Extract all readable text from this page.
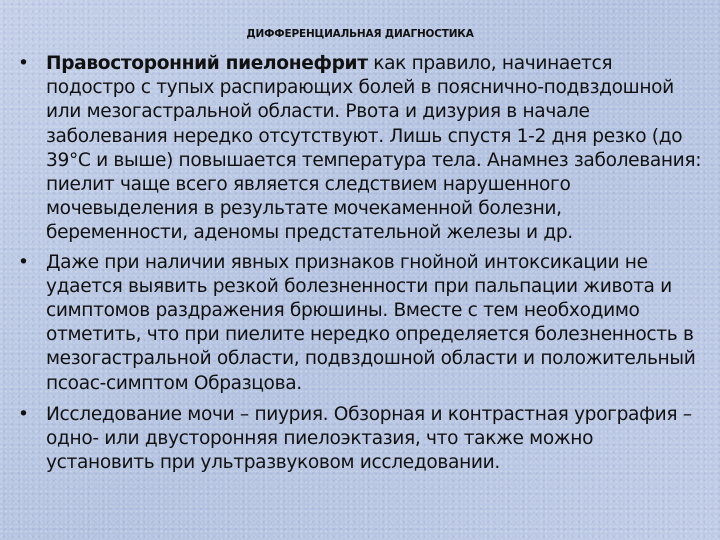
ДИФФЕРЕНЦИАЛЬНАЯ ДИАГНОСТИКА
• Правосторонний пиелонефрит как правило, начинается подостро с тупых распирающих болей в пояснично-подвздошной или мезогастральной области. Рвота и дизурия в начале заболевания нередко отсутствуют. Лишь спустя 1-2 дня резко (до 39°С и выше) повышается температура тела. Анамнез заболевания: пиелит чаще всего является следствием нарушенного мочевыделения в результате мочекаменной болезни, беременности, аденомы предстательной железы и др.
• Даже при наличии явных признаков гнойной интоксикации не удается выявить резкой болезненности при пальпации живота и симптомов раздражения брюшины. Вместе с тем необходимо отметить, что при пиелите нередко определяется болезненность в мезогастральной области, подвздошной области и положительный псоас-симптом Образцова.
• Исследование мочи – пиурия. Обзорная и контрастная урография – одно- или двусторонняя пиелоэктазия, что также можно установить при ультразвуковом исследовании.
